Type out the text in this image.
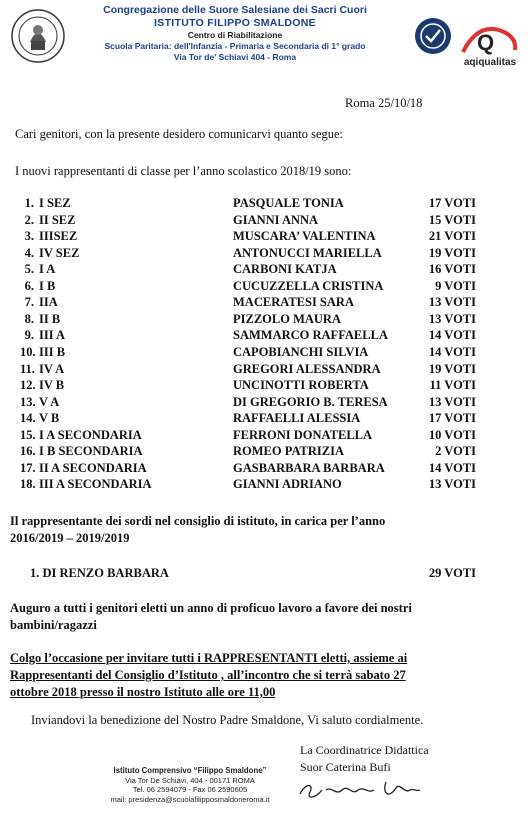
Congregazione delle Suore Salesiane dei Sacri Cuori
ISTITUTO FILIPPO SMALDONE
Centro di Riabilitazione
Scuola Paritaria: dell'Infanzia - Primaria e Secondaria di 1° grado
Via Tor de' Schiavi 404 - Roma
Q
aqiqualitas
Roma 25/10/18
Cari genitori, con la presente desidero comunicarvi quanto segue:
I nuovi rappresentanti di classe per l’anno scolastico 2018/19 sono:
1. I SEZ	PASQUALE TONIA	17 VOTI
2. II SEZ	GIANNI ANNA	15 VOTI
3. IIISEZ	MUSCARA’ VALENTINA	21 VOTI
4. IV SEZ	ANTONUCCI MARIELLA	19 VOTI
5. I A	CARBONI KATJA	16 VOTI
6. I B	CUCUZZELLA CRISTINA	9 VOTI
7. IIA	MACERATESI SARA	13 VOTI
8. II B	PIZZOLO MAURA	13 VOTI
9. III A	SAMMARCO RAFFAELLA	14 VOTI
10. III B	CAPOBIANCHI SILVIA	14 VOTI
11. IV A	GREGORI ALESSANDRA	19 VOTI
12. IV B	UNCINOTTI ROBERTA	11 VOTI
13. V A	DI GREGORIO B. TERESA	13 VOTI
14. V B	RAFFAELLI ALESSIA	17 VOTI
15. I A SECONDARIA	FERRONI DONATELLA	10 VOTI
16. I B SECONDARIA	ROMEO PATRIZIA	2 VOTI
17. II A SECONDARIA	GASBARBARA BARBARA	14 VOTI
18. III A SECONDARIA	GIANNI ADRIANO	13 VOTI
Il rappresentante dei sordi nel consiglio di istituto, in carica per l’anno
2016/2019 – 2019/2019
1. DI RENZO BARBARA	29 VOTI
Auguro a tutti i genitori eletti un anno di proficuo lavoro a favore dei nostri
bambini/ragazzi
Colgo l’occasione per invitare tutti i RAPPRESENTANTI eletti, assieme ai
Rappresentanti del Consiglio d’Istituto , all’incontro che si terrà sabato 27
ottobre 2018 presso il nostro Istituto alle ore 11,00
Inviandovi la benedizione del Nostro Padre Smaldone, Vi saluto cordialmente.
La Coordinatrice Didattica
Suor Caterina Bufi
Istituto Comprensivo “Filippo Smaldone”
Via Tor De Schiavi, 404 - 00171 ROMA
Tel. 06 2594079 - Fax 06 2590605
mail: presidenza@scuolafilipposmaldoneroma.it
